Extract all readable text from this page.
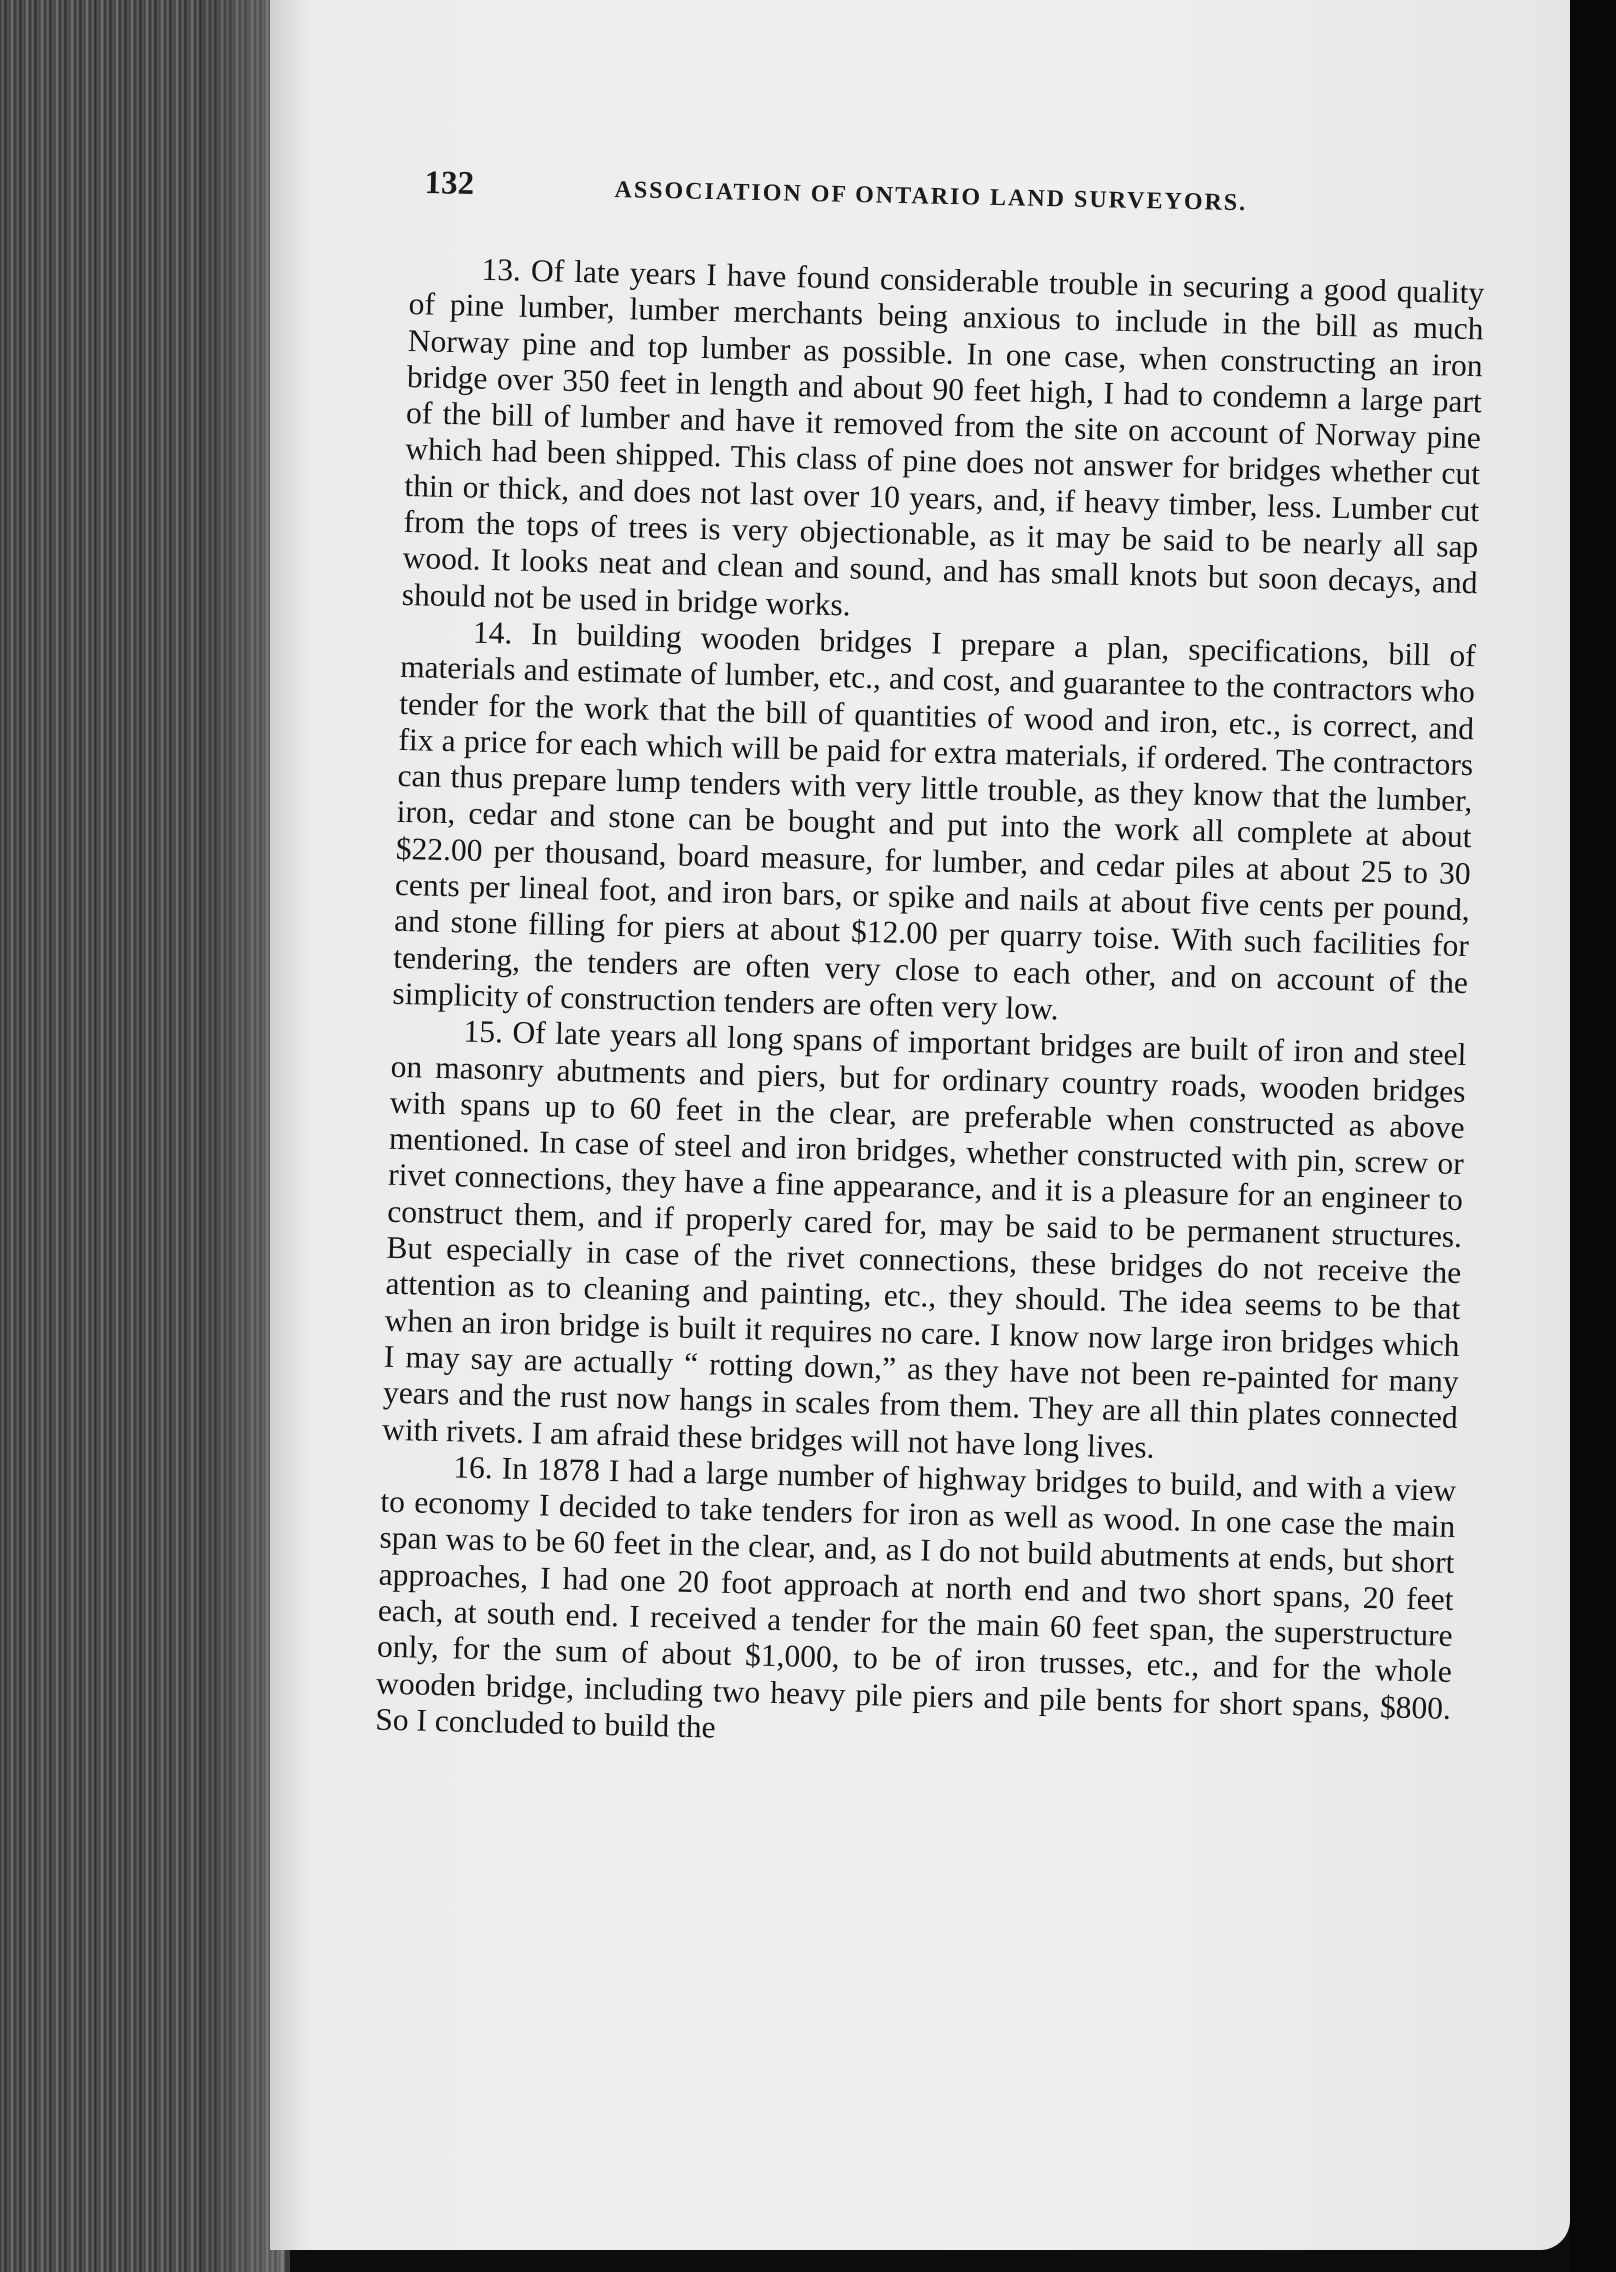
132	ASSOCIATION OF ONTARIO LAND SURVEYORS.

13. Of late years I have found considerable trouble in securing a good quality of pine lumber, lumber merchants being anxious to include in the bill as much Norway pine and top lumber as possible. In one case, when constructing an iron bridge over 350 feet in length and about 90 feet high, I had to condemn a large part of the bill of lumber and have it removed from the site on account of Norway pine which had been shipped. This class of pine does not answer for bridges whether cut thin or thick, and does not last over 10 years, and, if heavy timber, less. Lumber cut from the tops of trees is very objectionable, as it may be said to be nearly all sap wood. It looks neat and clean and sound, and has small knots but soon decays, and should not be used in bridge works.

14. In building wooden bridges I prepare a plan, specifications, bill of materials and estimate of lumber, etc., and cost, and guarantee to the contractors who tender for the work that the bill of quantities of wood and iron, etc., is correct, and fix a price for each which will be paid for extra materials, if ordered. The contractors can thus prepare lump tenders with very little trouble, as they know that the lumber, iron, cedar and stone can be bought and put into the work all complete at about $22.00 per thousand, board measure, for lumber, and cedar piles at about 25 to 30 cents per lineal foot, and iron bars, or spike and nails at about five cents per pound, and stone filling for piers at about $12.00 per quarry toise. With such facilities for tendering, the tenders are often very close to each other, and on account of the simplicity of construction tenders are often very low.

15. Of late years all long spans of important bridges are built of iron and steel on masonry abutments and piers, but for ordinary country roads, wooden bridges with spans up to 60 feet in the clear, are preferable when constructed as above mentioned. In case of steel and iron bridges, whether constructed with pin, screw or rivet connections, they have a fine appearance, and it is a pleasure for an engineer to construct them, and if properly cared for, may be said to be permanent structures. But especially in case of the rivet connections, these bridges do not receive the attention as to cleaning and painting, etc., they should. The idea seems to be that when an iron bridge is built it requires no care. I know now large iron bridges which I may say are actually “ rotting down,” as they have not been re-painted for many years and the rust now hangs in scales from them. They are all thin plates connected with rivets. I am afraid these bridges will not have long lives.

16. In 1878 I had a large number of highway bridges to build, and with a view to economy I decided to take tenders for iron as well as wood. In one case the main span was to be 60 feet in the clear, and, as I do not build abutments at ends, but short approaches, I had one 20 foot approach at north end and two short spans, 20 feet each, at south end. I received a tender for the main 60 feet span, the superstructure only, for the sum of about $1,000, to be of iron trusses, etc., and for the whole wooden bridge, including two heavy pile piers and pile bents for short spans, $800. So I concluded to build the
